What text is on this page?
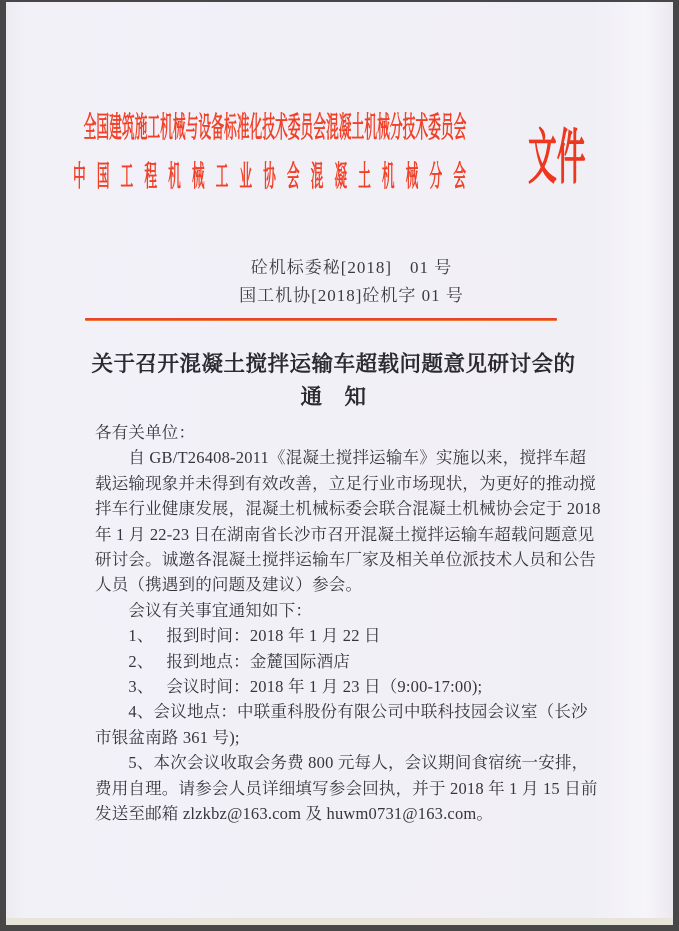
全国建筑施工机械与设备标准化技术委员会混凝土机械分技术委员会
中国工程机械工业协会混凝土机械分会 文件
砼机标委秘[2018]　01 号
国工机协[2018]砼机字 01 号
关于召开混凝土搅拌运输车超载问题意见研讨会的
通　知
各有关单位：
　　自 GB/T26408-2011《混凝土搅拌运输车》实施以来，搅拌车超
载运输现象并未得到有效改善，立足行业市场现状，为更好的推动搅
拌车行业健康发展，混凝土机械标委会联合混凝土机械协会定于 2018
年 1 月 22-23 日在湖南省长沙市召开混凝土搅拌运输车超载问题意见
研讨会。诚邀各混凝土搅拌运输车厂家及相关单位派技术人员和公告
人员（携遇到的问题及建议）参会。
　　会议有关事宜通知如下：
　　1、　 报到时间：2018 年 1 月 22 日
　　2、　 报到地点：金麓国际酒店
　　3、　 会议时间：2018 年 1 月 23 日（9:00-17:00);
　　4、会议地点：中联重科股份有限公司中联科技园会议室（长沙
市银盆南路 361 号);
　　5、本次会议收取会务费 800 元每人，会议期间食宿统一安排，
费用自理。请参会人员详细填写参会回执，并于 2018 年 1 月 15 日前
发送至邮箱 zlzkbz@163.com 及 huwm0731@163.com。
